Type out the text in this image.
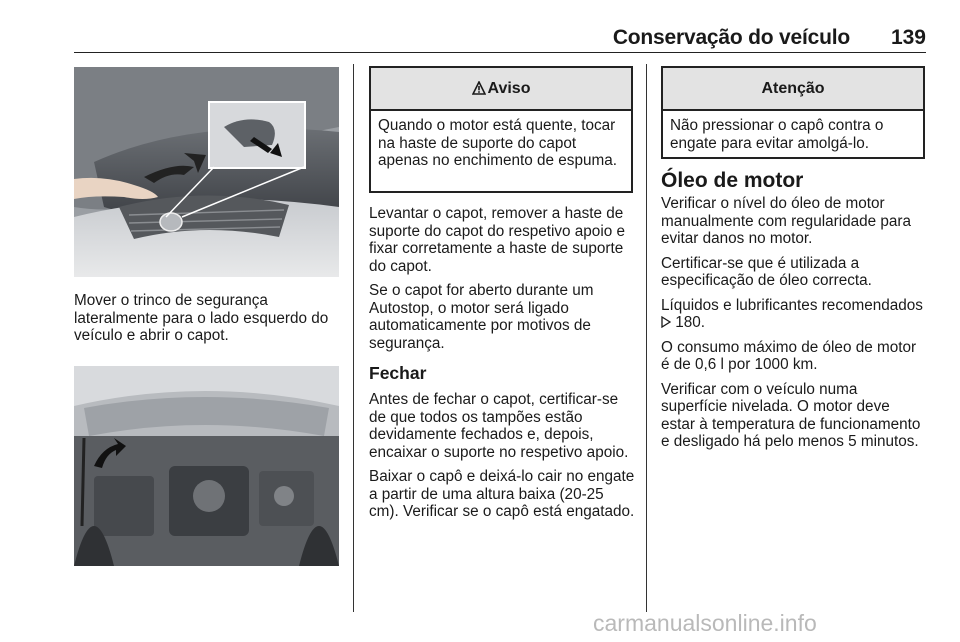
Conservação do veículo	139

Mover o trinco de segurança lateralmente para o lado esquerdo do veículo e abrir o capot.

Aviso
Quando o motor está quente, tocar na haste de suporte do capot apenas no enchimento de espuma.

Levantar o capot, remover a haste de suporte do capot do respetivo apoio e fixar corretamente a haste de suporte do capot.

Se o capot for aberto durante um Autostop, o motor será ligado automaticamente por motivos de segurança.

Fechar

Antes de fechar o capot, certificar-se de que todos os tampões estão devidamente fechados e, depois, encaixar o suporte no respetivo apoio.

Baixar o capô e deixá-lo cair no engate a partir de uma altura baixa (20-25 cm). Verificar se o capô está engatado.

Atenção
Não pressionar o capô contra o engate para evitar amolgá-lo.
Óleo de motor

Verificar o nível do óleo de motor manualmente com regularidade para evitar danos no motor.

Certificar-se que é utilizada a especificação de óleo correcta.

Líquidos e lubrificantes recomendados  180.

O consumo máximo de óleo de motor é de 0,6 l por 1000 km.

Verificar com o veículo numa superfície nivelada. O motor deve estar à temperatura de funcionamento e desligado há pelo menos 5 minutos.

carmanualsonline.info
